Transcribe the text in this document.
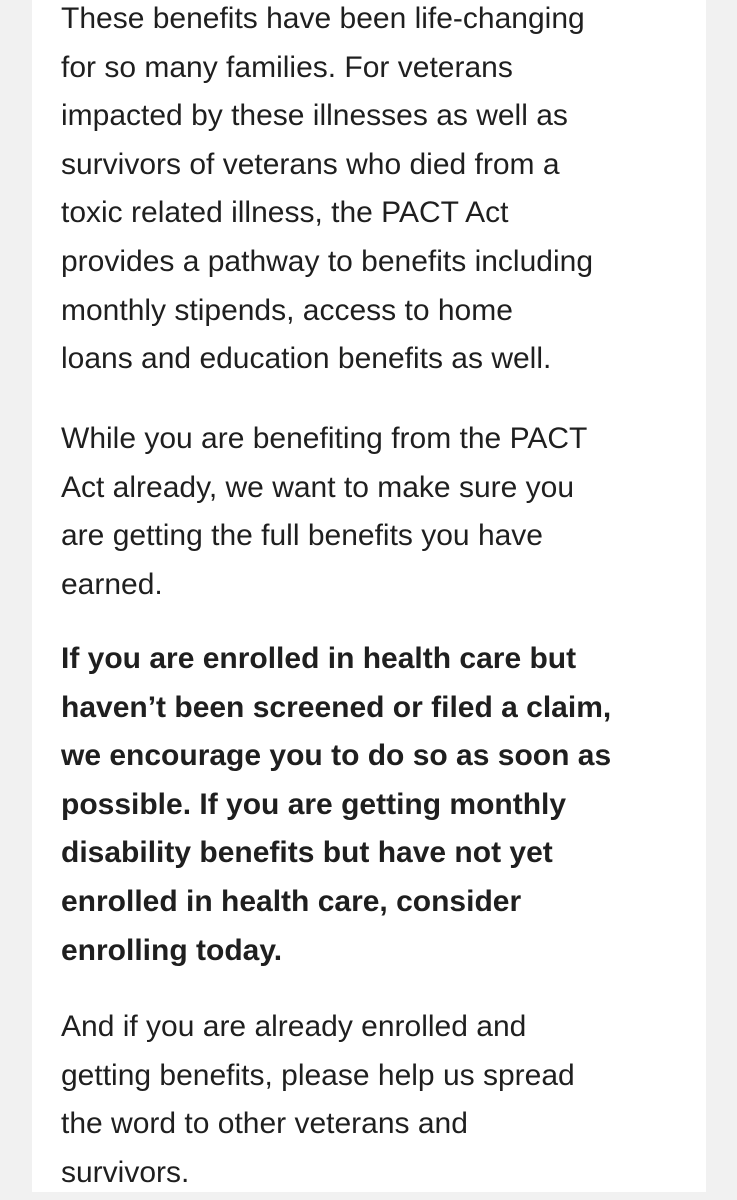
These benefits have been life-changing
for so many families. For veterans
impacted by these illnesses as well as
survivors of veterans who died from a
toxic related illness, the PACT Act
provides a pathway to benefits including
monthly stipends, access to home
loans and education benefits as well.

While you are benefiting from the PACT
Act already, we want to make sure you
are getting the full benefits you have
earned.

If you are enrolled in health care but
haven’t been screened or filed a claim,
we encourage you to do so as soon as
possible. If you are getting monthly
disability benefits but have not yet
enrolled in health care, consider
enrolling today.

And if you are already enrolled and
getting benefits, please help us spread
the word to other veterans and
survivors.
